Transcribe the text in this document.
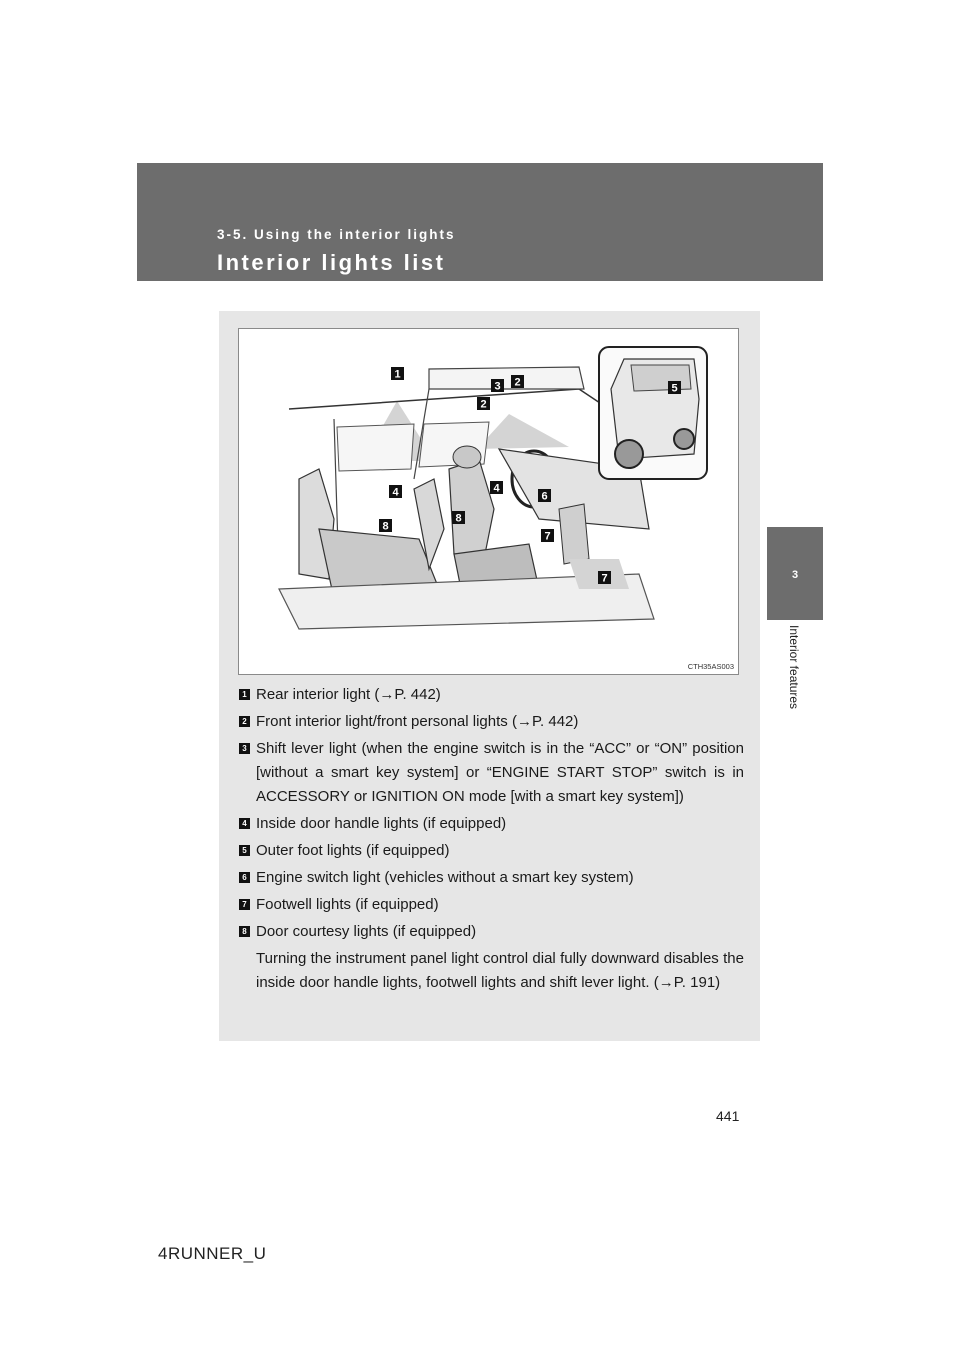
3-5. Using the interior lights
Interior lights list
3
Interior features
1
2
3 2
4	4
6
8
8
7
7
5
CTH35AS003
1 Rear interior light (→P. 442)
2 Front interior light/front personal lights (→P. 442)
3 Shift lever light (when the engine switch is in the “ACC” or “ON” position [without a smart key system] or “ENGINE START STOP” switch is in ACCESSORY or IGNITION ON mode [with a smart key system])
4 Inside door handle lights (if equipped)
5 Outer foot lights (if equipped)
6 Engine switch light (vehicles without a smart key system)
7 Footwell lights (if equipped)
8 Door courtesy lights (if equipped)
Turning the instrument panel light control dial fully downward disables the inside door handle lights, footwell lights and shift lever light. (→P. 191)
441
4RUNNER_U
